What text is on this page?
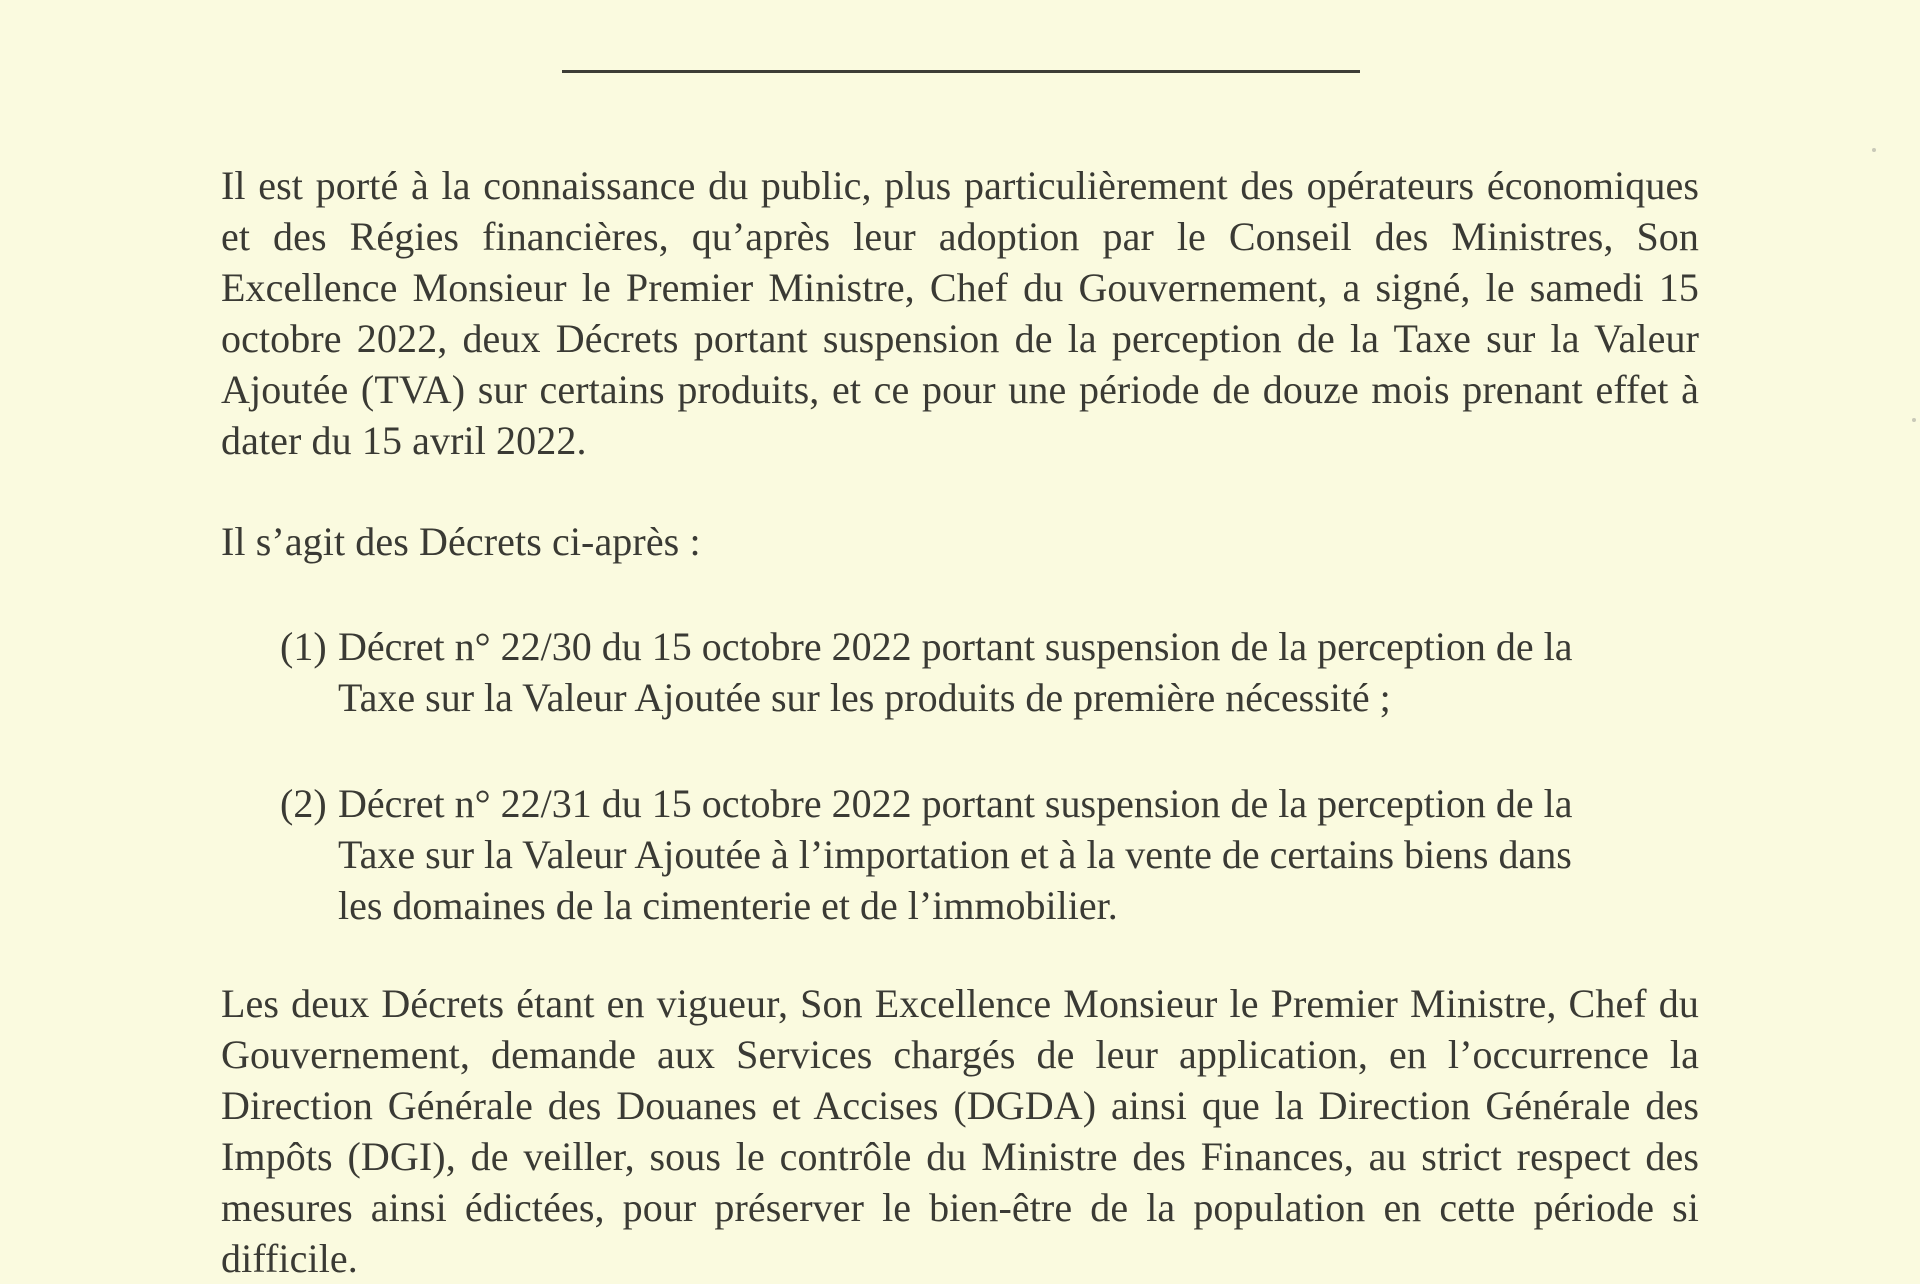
Il est porté à la connaissance du public, plus particulièrement des opérateurs économiques et des Régies financières, qu’après leur adoption par le Conseil des Ministres, Son Excellence Monsieur le Premier Ministre, Chef du Gouvernement, a signé, le samedi 15 octobre 2022, deux Décrets portant suspension de la perception de la Taxe sur la Valeur Ajoutée (TVA) sur certains produits, et ce pour une période de douze mois prenant effet à dater du 15 avril 2022.

Il s’agit des Décrets ci-après :

(1) Décret n° 22/30 du 15 octobre 2022 portant suspension de la perception de la Taxe sur la Valeur Ajoutée sur les produits de première nécessité ;
(2) Décret n° 22/31 du 15 octobre 2022 portant suspension de la perception de la Taxe sur la Valeur Ajoutée à l’importation et à la vente de certains biens dans les domaines de la cimenterie et de l’immobilier.

Les deux Décrets étant en vigueur, Son Excellence Monsieur le Premier Ministre, Chef du Gouvernement, demande aux Services chargés de leur application, en l’occurrence la Direction Générale des Douanes et Accises (DGDA) ainsi que la Direction Générale des Impôts (DGI), de veiller, sous le contrôle du Ministre des Finances, au strict respect des mesures ainsi édictées, pour préserver le bien-être de la population en cette période si difficile.
